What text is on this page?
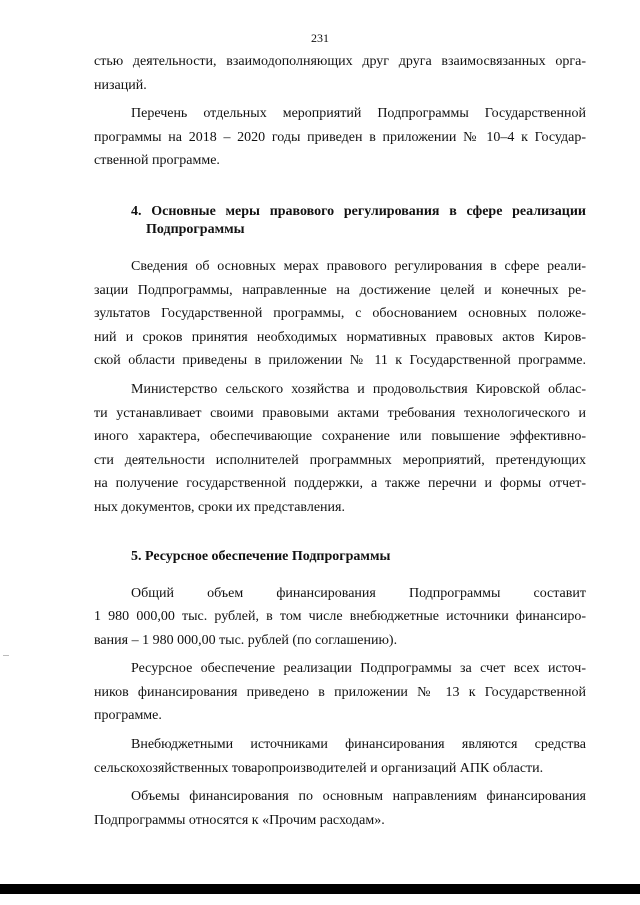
231

стью деятельности, взаимодополняющих друг друга взаимосвязанных орга-
низаций.

Перечень отдельных мероприятий Подпрограммы Государственной
программы на 2018 – 2020 годы приведен в приложении № 10–4 к Государ-
ственной программе.

4. Основные меры правового регулирования в сфере реализации
Подпрограммы

Сведения об основных мерах правового регулирования в сфере реали-
зации Подпрограммы, направленные на достижение целей и конечных ре-
зультатов Государственной программы, с обоснованием основных положе-
ний и сроков принятия необходимых нормативных правовых актов Киров-
ской области приведены в приложении № 11 к Государственной программе.

Министерство сельского хозяйства и продовольствия Кировской облас-
ти устанавливает своими правовыми актами требования технологического и
иного характера, обеспечивающие сохранение или повышение эффективно-
сти деятельности исполнителей программных мероприятий, претендующих
на получение государственной поддержки, а также перечни и формы отчет-
ных документов, сроки их представления.

5. Ресурсное обеспечение Подпрограммы

Общий объем финансирования Подпрограммы составит
1 980 000,00 тыс. рублей, в том числе внебюджетные источники финансиро-
вания – 1 980 000,00 тыс. рублей (по соглашению).

Ресурсное обеспечение реализации Подпрограммы за счет всех источ-
ников финансирования приведено в приложении № 13 к Государственной
программе.

Внебюджетными источниками финансирования являются средства
сельскохозяйственных товаропроизводителей и организаций АПК области.

Объемы финансирования по основным направлениям финансирования
Подпрограммы относятся к «Прочим расходам».
